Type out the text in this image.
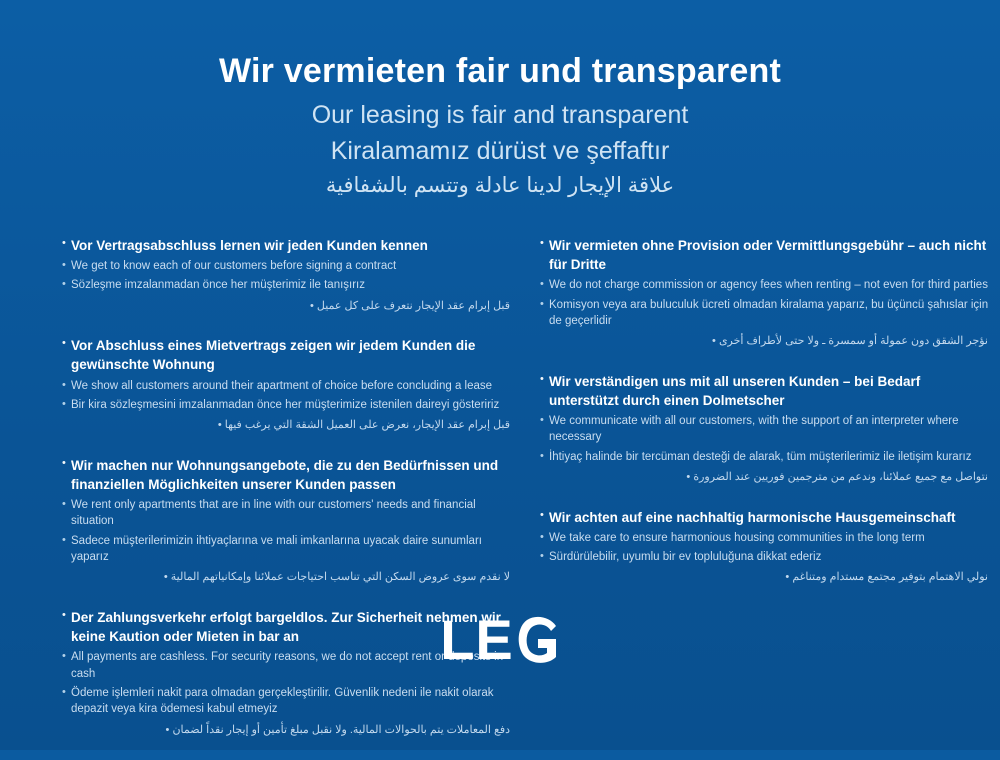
Wir vermieten fair und transparent
Our leasing is fair and transparent
Kiralamamız dürüst ve şeffaftır
علاقة الإيجار لدينا عادلة وتتسم بالشفافية
• Vor Vertragsabschluss lernen wir jeden Kunden kennen
• We get to know each of our customers before signing a contract
• Sözleşme imzalanmadan önce her müşterimiz ile tanışırız
قبل إبرام عقد الإيجار نتعرف على كل عميل •
• Vor Abschluss eines Mietvertrags zeigen wir jedem Kunden die gewünschte Wohnung
• We show all customers around their apartment of choice before concluding a lease
• Bir kira sözleşmesini imzalanmadan önce her müşterimize istenilen daireyi gösteririz
قبل إبرام عقد الإيجار، نعرض على العميل الشقة التي يرغب فيها •
• Wir machen nur Wohnungsangebote, die zu den Bedürfnissen und finanziellen Möglichkeiten unserer Kunden passen
• We rent only apartments that are in line with our customers' needs and financial situation
• Sadece müşterilerimizin ihtiyaçlarına ve mali imkanlarına uyacak daire sunumları yaparız
لا نقدم سوى عروض السكن التي تناسب احتياجات عملائنا وإمكانياتهم المالية •
• Der Zahlungsverkehr erfolgt bargeldlos. Zur Sicherheit nehmen wir keine Kaution oder Mieten in bar an
• All payments are cashless. For security reasons, we do not accept rent or deposits in cash
• Ödeme işlemleri nakit para olmadan gerçekleştirilir. Güvenlik nedeni ile nakit olarak depazit veya kira ödemesi kabul etmeyiz
دفع المعاملات يتم بالحوالات المالية. ولا نقبل مبلغ تأمين أو إيجار نقداً لضمان •
• Wir vermieten ohne Provision oder Vermittlungsgebühr – auch nicht für Dritte
• We do not charge commission or agency fees when renting – not even for third parties
• Komisyon veya ara buluculuk ücreti olmadan kiralama yaparız, bu üçüncü şahıslar için de geçerlidir
نؤجر الشقق دون عمولة أو سمسرة ـ ولا حتى لأطراف أخرى •
• Wir verständigen uns mit all unseren Kunden – bei Bedarf unterstützt durch einen Dolmetscher
• We communicate with all our customers, with the support of an interpreter where necessary
• İhtiyaç halinde bir tercüman desteği de alarak, tüm müşterilerimiz ile iletişim kurarız
نتواصل مع جميع عملائنا، وندعم من مترجمين فوريين عند الضرورة •
• Wir achten auf eine nachhaltig harmonische Hausgemeinschaft
• We take care to ensure harmonious housing communities in the long term
• Sürdürülebilir, uyumlu bir ev topluluğuna dikkat ederiz
نولي الاهتمام بتوفير مجتمع مستدام ومتناغم •
LE
